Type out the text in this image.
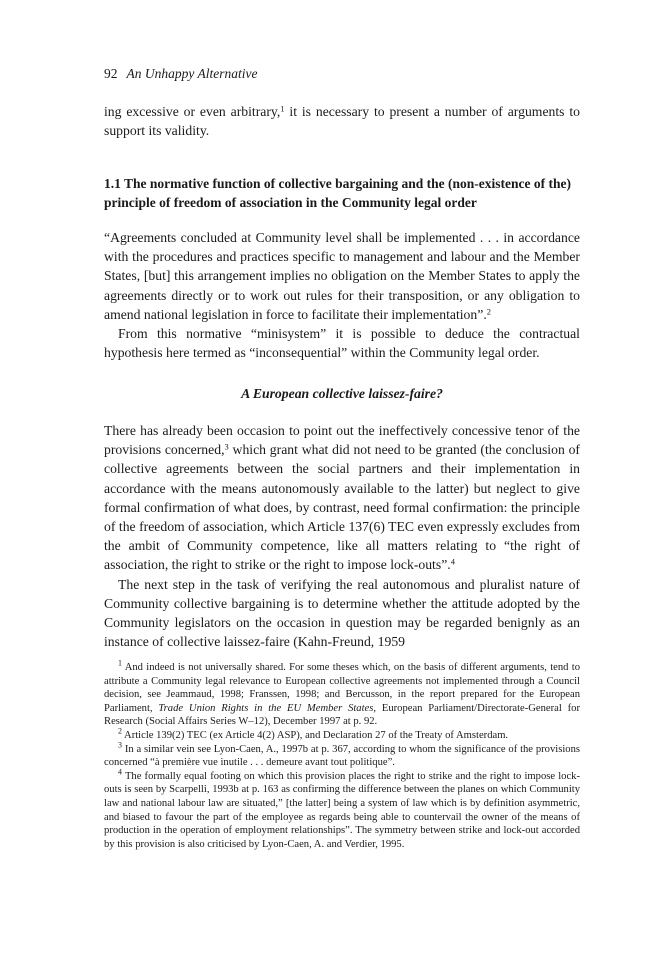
92 An Unhappy Alternative

ing excessive or even arbitrary,$^1$ it is necessary to present a number of arguments to support its validity.

1.1 The normative function of collective bargaining and the (non-existence of the) principle of freedom of association in the Community legal order

“Agreements concluded at Community level shall be implemented . . . in accordance with the procedures and practices specific to management and labour and the Member States, [but] this arrangement implies no obligation on the Member States to apply the agreements directly or to work out rules for their transposition, or any obligation to amend national legislation in force to facilitate their implementation”.$^2$

From this normative “minisystem” it is possible to deduce the contractual hypothesis here termed as “inconsequential” within the Community legal order.

A European collective laissez-faire?

There has already been occasion to point out the ineffectively concessive tenor of the provisions concerned,$^3$ which grant what did not need to be granted (the conclusion of collective agreements between the social partners and their implementation in accordance with the means autonomously available to the latter) but neglect to give formal confirmation of what does, by contrast, need formal confirmation: the principle of the freedom of association, which Article 137(6) TEC even expressly excludes from the ambit of Community competence, like all matters relating to “the right of association, the right to strike or the right to impose lock-outs”.$^4$

The next step in the task of verifying the real autonomous and pluralist nature of Community collective bargaining is to determine whether the attitude adopted by the Community legislators on the occasion in question may be regarded benignly as an instance of collective laissez-faire (Kahn-Freund, 1959

$^1$ And indeed is not universally shared. For some theses which, on the basis of different arguments, tend to attribute a Community legal relevance to European collective agreements not implemented through a Council decision, see Jeammaud, 1998; Franssen, 1998; and Bercusson, in the report prepared for the European Parliament, Trade Union Rights in the EU Member States, European Parliament/Directorate-General for Research (Social Affairs Series W–12), December 1997 at p. 92.

$^2$ Article 139(2) TEC (ex Article 4(2) ASP), and Declaration 27 of the Treaty of Amsterdam.

$^3$ In a similar vein see Lyon-Caen, A., 1997b at p. 367, according to whom the significance of the provisions concerned “à première vue inutile . . . demeure avant tout politique”.

$^4$ The formally equal footing on which this provision places the right to strike and the right to impose lock-outs is seen by Scarpelli, 1993b at p. 163 as confirming the difference between the planes on which Community law and national labour law are situated,” [the latter] being a system of law which is by definition asymmetric, and biased to favour the part of the employee as regards being able to countervail the owner of the means of production in the operation of employment relationships”. The symmetry between strike and lock-out accorded by this provision is also criticised by Lyon-Caen, A. and Verdier, 1995.
